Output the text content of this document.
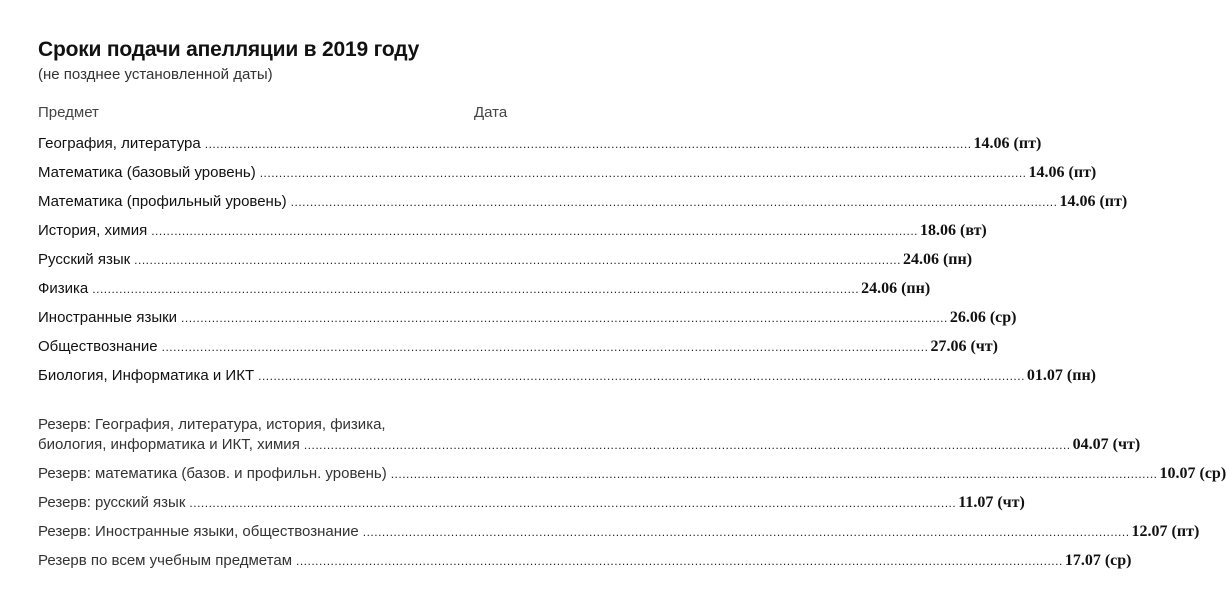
Сроки подачи апелляции в 2019 году
(не позднее установленной даты)
Предмет	Дата
География, литература ........................................................................................................................................................................................................ 14.06 (пт)
Математика (базовый уровень) ........................................................................................................................................................................................................ 14.06 (пт)
Математика (профильный уровень) ........................................................................................................................................................................................................ 14.06 (пт)
История, химия ........................................................................................................................................................................................................ 18.06 (вт)
Русский язык ........................................................................................................................................................................................................ 24.06 (пн)
Физика ........................................................................................................................................................................................................ 24.06 (пн)
Иностранные языки ........................................................................................................................................................................................................ 26.06 (ср)
Обществознание ........................................................................................................................................................................................................ 27.06 (чт)
Биология, Информатика и ИКТ ........................................................................................................................................................................................................ 01.07 (пн)
Резерв: География, литература, история, физика,
биология, информатика и ИКТ, химия ........................................................................................................................................................................................................ 04.07 (чт)
Резерв: математика (базов. и профильн. уровень) ........................................................................................................................................................................................................ 10.07 (ср)
Резерв: русский язык ........................................................................................................................................................................................................ 11.07 (чт)
Резерв: Иностранные языки, обществознание ........................................................................................................................................................................................................ 12.07 (пт)
Резерв по всем учебным предметам ........................................................................................................................................................................................................ 17.07 (ср)
